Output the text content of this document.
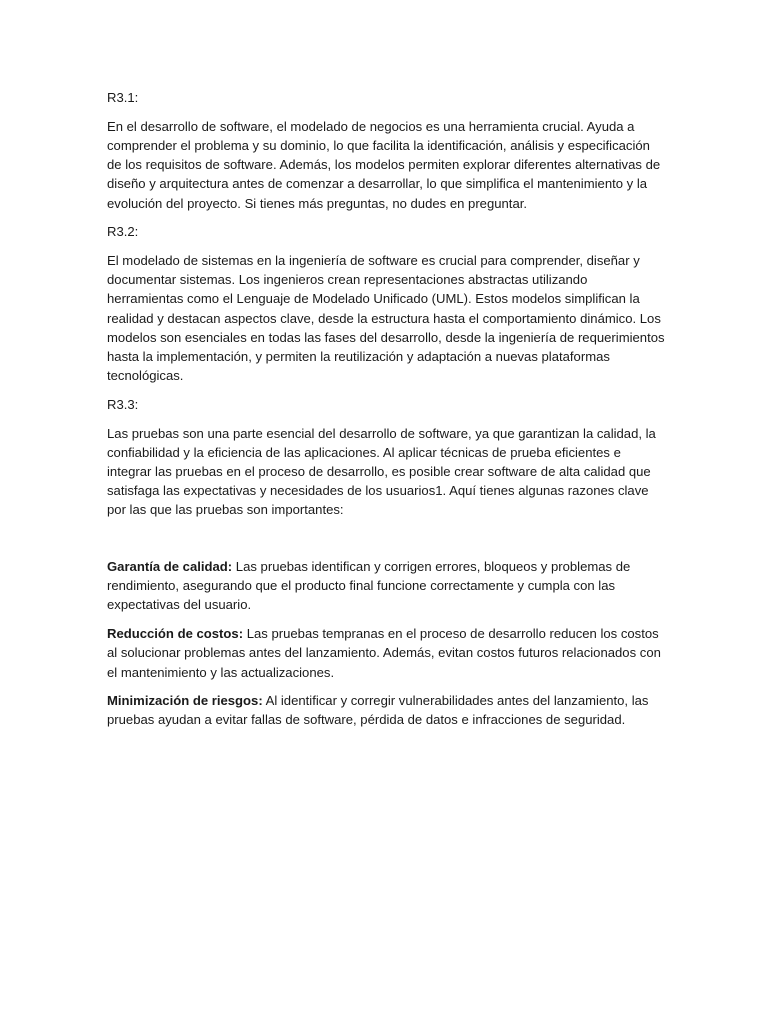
R3.1:

En el desarrollo de software, el modelado de negocios es una herramienta crucial. Ayuda a comprender el problema y su dominio, lo que facilita la identificación, análisis y especificación de los requisitos de software. Además, los modelos permiten explorar diferentes alternativas de diseño y arquitectura antes de comenzar a desarrollar, lo que simplifica el mantenimiento y la evolución del proyecto. Si tienes más preguntas, no dudes en preguntar.

R3.2:

El modelado de sistemas en la ingeniería de software es crucial para comprender, diseñar y documentar sistemas. Los ingenieros crean representaciones abstractas utilizando herramientas como el Lenguaje de Modelado Unificado (UML). Estos modelos simplifican la realidad y destacan aspectos clave, desde la estructura hasta el comportamiento dinámico. Los modelos son esenciales en todas las fases del desarrollo, desde la ingeniería de requerimientos hasta la implementación, y permiten la reutilización y adaptación a nuevas plataformas tecnológicas.

R3.3:

Las pruebas son una parte esencial del desarrollo de software, ya que garantizan la calidad, la confiabilidad y la eficiencia de las aplicaciones. Al aplicar técnicas de prueba eficientes e integrar las pruebas en el proceso de desarrollo, es posible crear software de alta calidad que satisfaga las expectativas y necesidades de los usuarios1. Aquí tienes algunas razones clave por las que las pruebas son importantes:

Garantía de calidad: Las pruebas identifican y corrigen errores, bloqueos y problemas de rendimiento, asegurando que el producto final funcione correctamente y cumpla con las expectativas del usuario.

Reducción de costos: Las pruebas tempranas en el proceso de desarrollo reducen los costos al solucionar problemas antes del lanzamiento. Además, evitan costos futuros relacionados con el mantenimiento y las actualizaciones.

Minimización de riesgos: Al identificar y corregir vulnerabilidades antes del lanzamiento, las pruebas ayudan a evitar fallas de software, pérdida de datos e infracciones de seguridad.
